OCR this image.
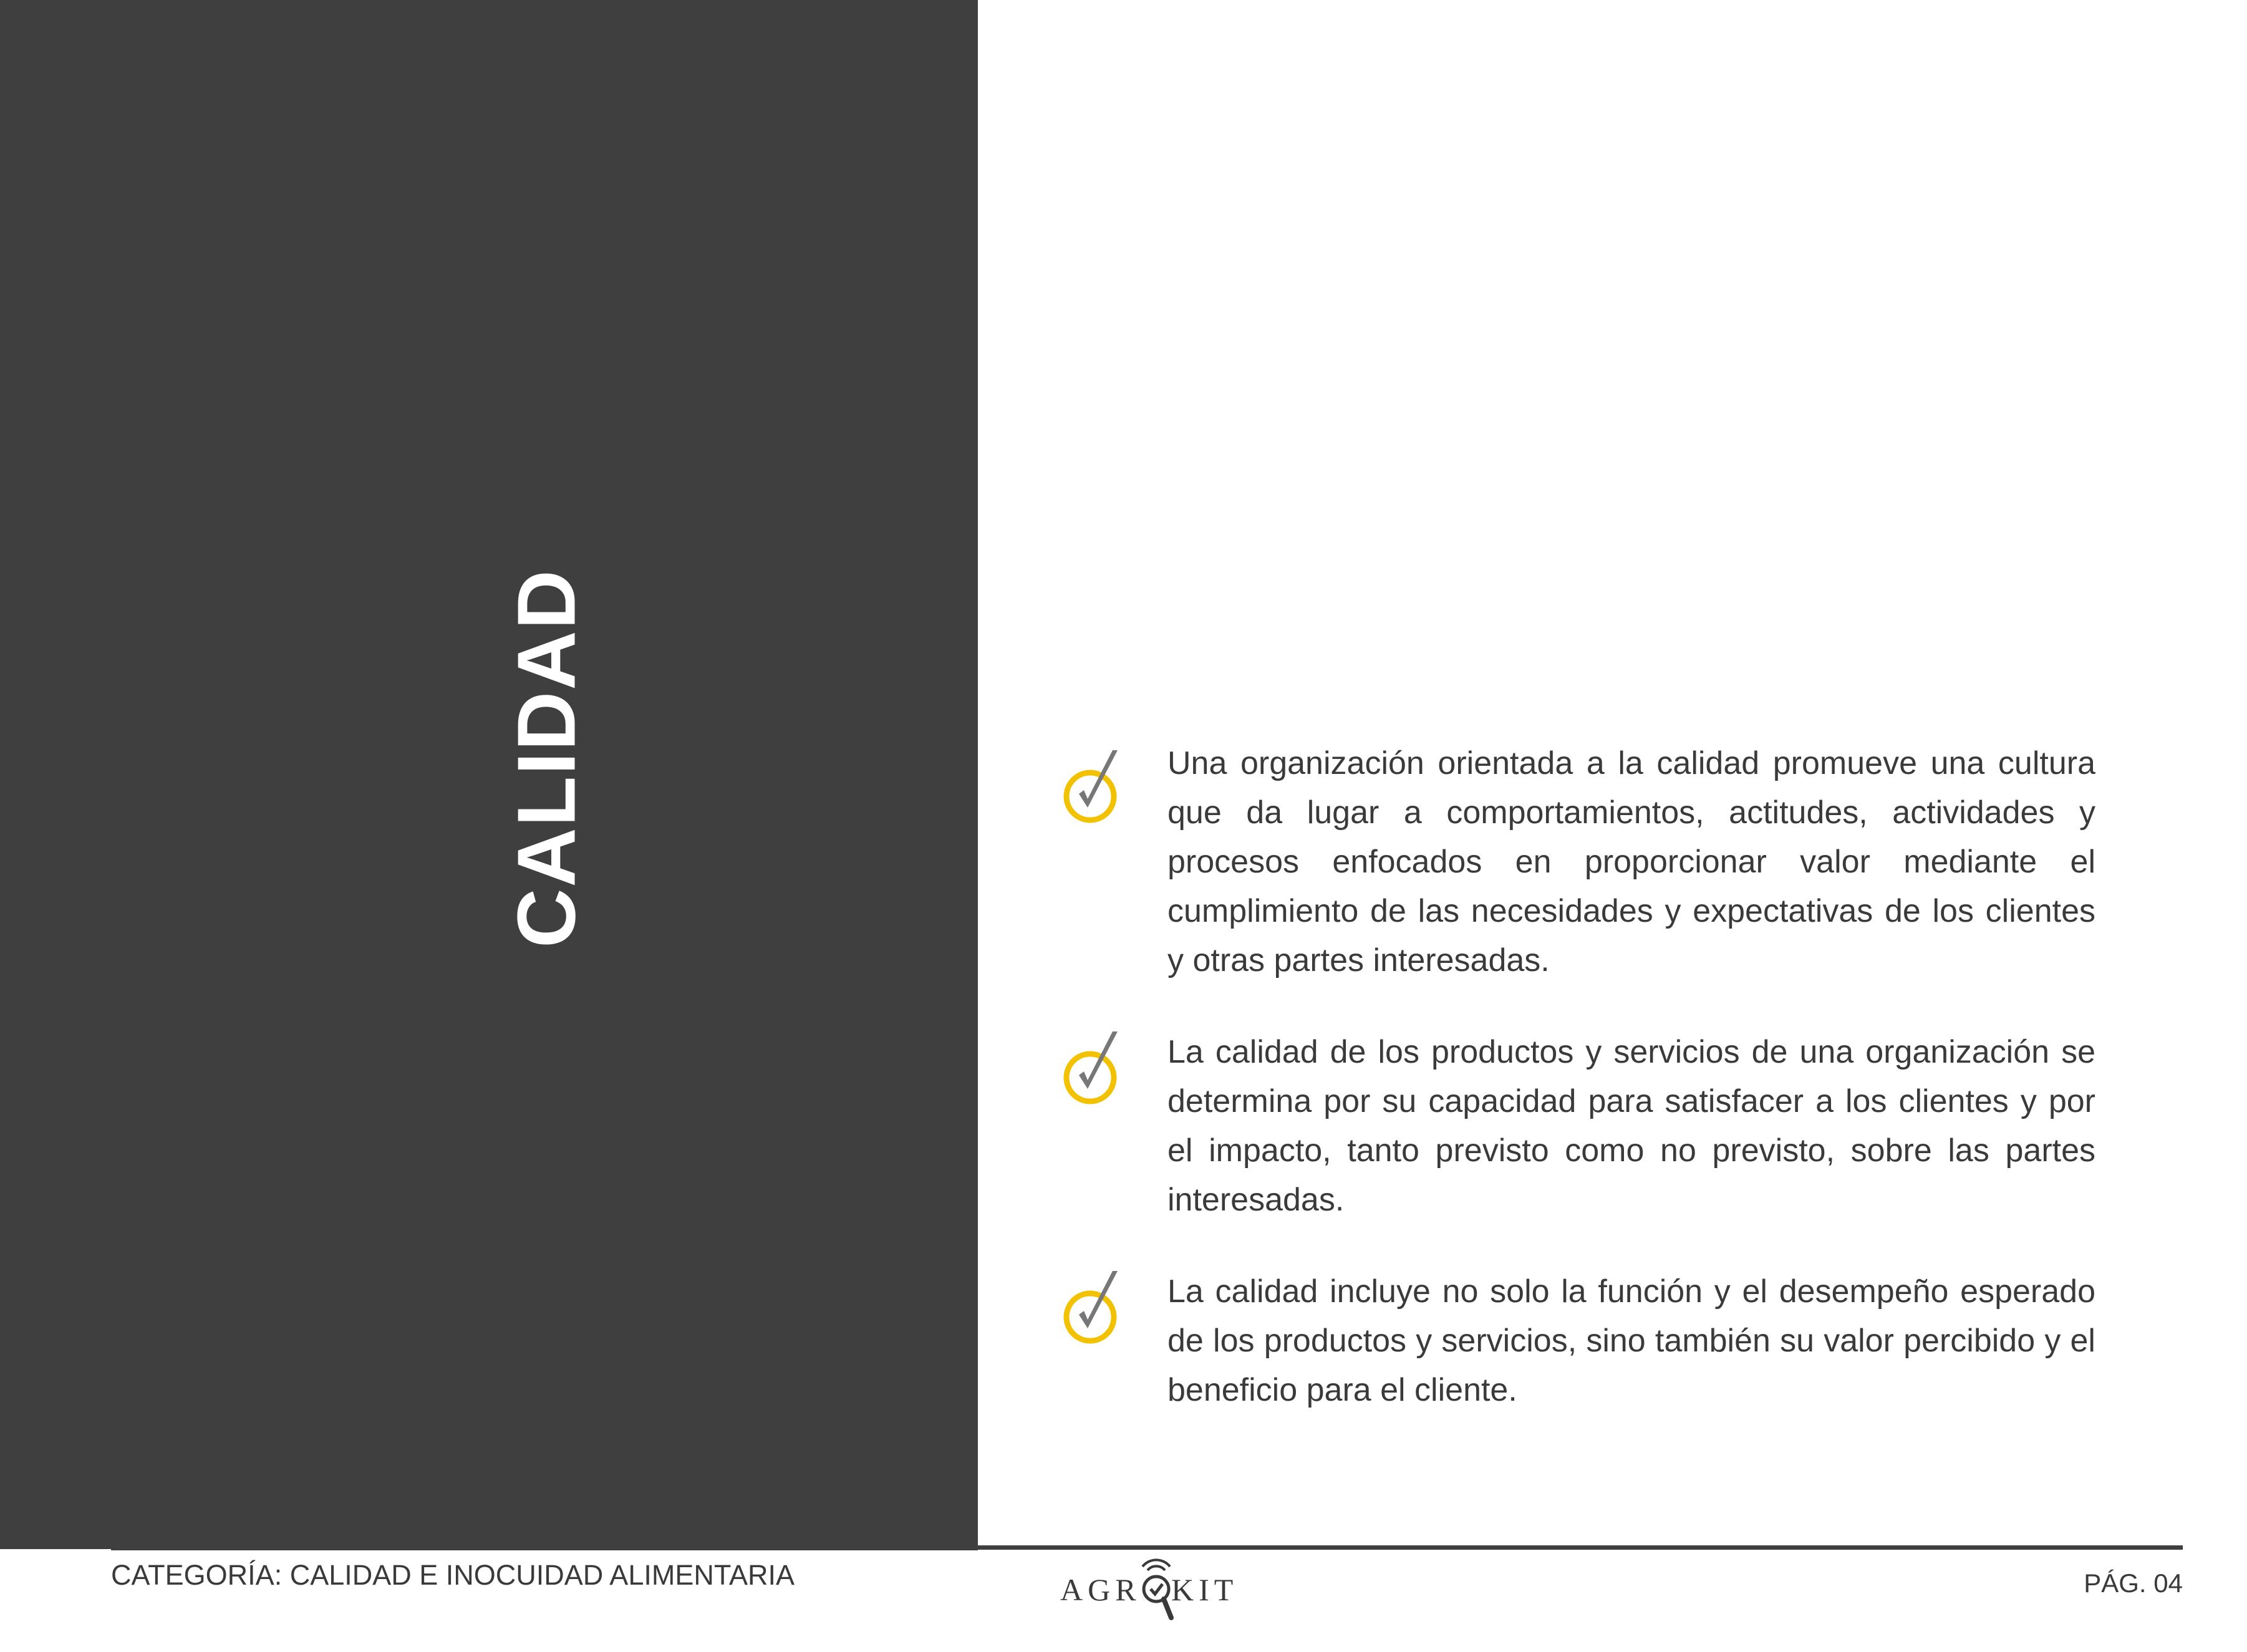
CALIDAD	Una organización orientada a la calidad promueve una cultura que da lugar a comportamientos, actitudes, actividades y procesos enfocados en proporcionar valor mediante el cumplimiento de las necesidades y expectativas de los clientes y otras partes interesadas.
La calidad de los productos y servicios de una organización se determina por su capacidad para satisfacer a los clientes y por el impacto, tanto previsto como no previsto, sobre las partes interesadas.
La calidad incluye no solo la función y el desempeño esperado de los productos y servicios, sino también su valor percibido y el beneficio para el cliente.
CATEGORÍA: CALIDAD E INOCUIDAD ALIMENTARIA	AGR KIT	PÁG. 04
